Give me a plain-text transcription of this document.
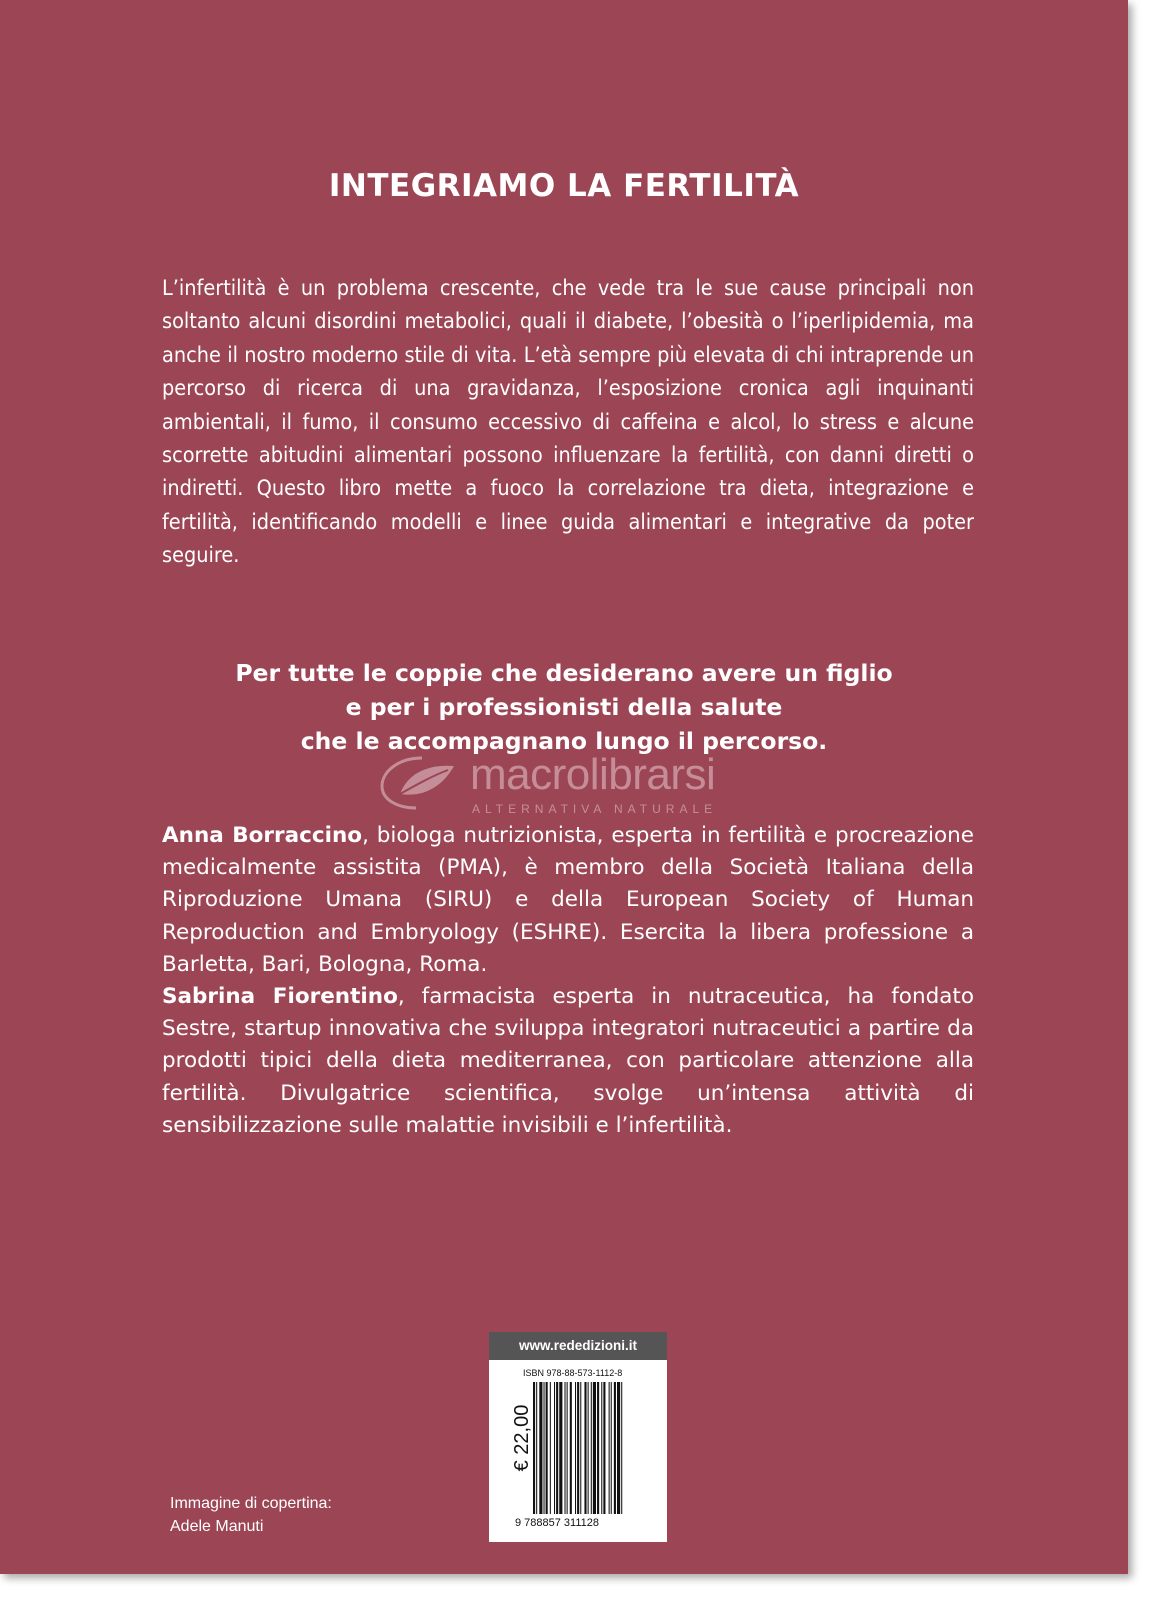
INTEGRIAMO LA FERTILITÀ

L’infertilità è un problema crescente, che vede tra le sue cause principali non soltanto alcuni disordini metabolici, quali il diabete, l’obesità o l’iperlipidemia, ma anche il nostro moderno stile di vita. L’età sempre più elevata di chi intraprende un percorso di ricerca di una gravidanza, l’esposizione cronica agli inquinanti ambientali, il fumo, il consumo eccessivo di caffeina e alcol, lo stress e alcune scorrette abitudini alimentari possono influenzare la fertilità, con danni diretti o indiretti. Questo libro mette a fuoco la correlazione tra dieta, integrazione e fertilità, identificando modelli e linee guida alimentari e integrative da poter seguire.

Per tutte le coppie che desiderano avere un figlio
e per i professionisti della salute
che le accompagnano lungo il percorso.
macrolibrarsi
ALTERNATIVA NATURALE

Anna Borraccino, biologa nutrizionista, esperta in fertilità e procreazione medicalmente assistita (PMA), è membro della Società Italiana della Riproduzione Umana (SIRU) e della European Society of Human Reproduction and Embryology (ESHRE). Esercita la libera professione a Barletta, Bari, Bologna, Roma.

Sabrina Fiorentino, farmacista esperta in nutraceutica, ha fondato Sestre, startup innovativa che sviluppa integratori nutraceutici a partire da prodotti tipici della dieta mediterranea, con particolare attenzione alla fertilità. Divulgatrice scientifica, svolge un’intensa attività di sensibilizzazione sulle malattie invisibili e l’infertilità.

www.rededizioni.it
€ 22,00
ISBN 978-88-573-1112-8
9 788857 311128
Immagine di copertina:
Adele Manuti
